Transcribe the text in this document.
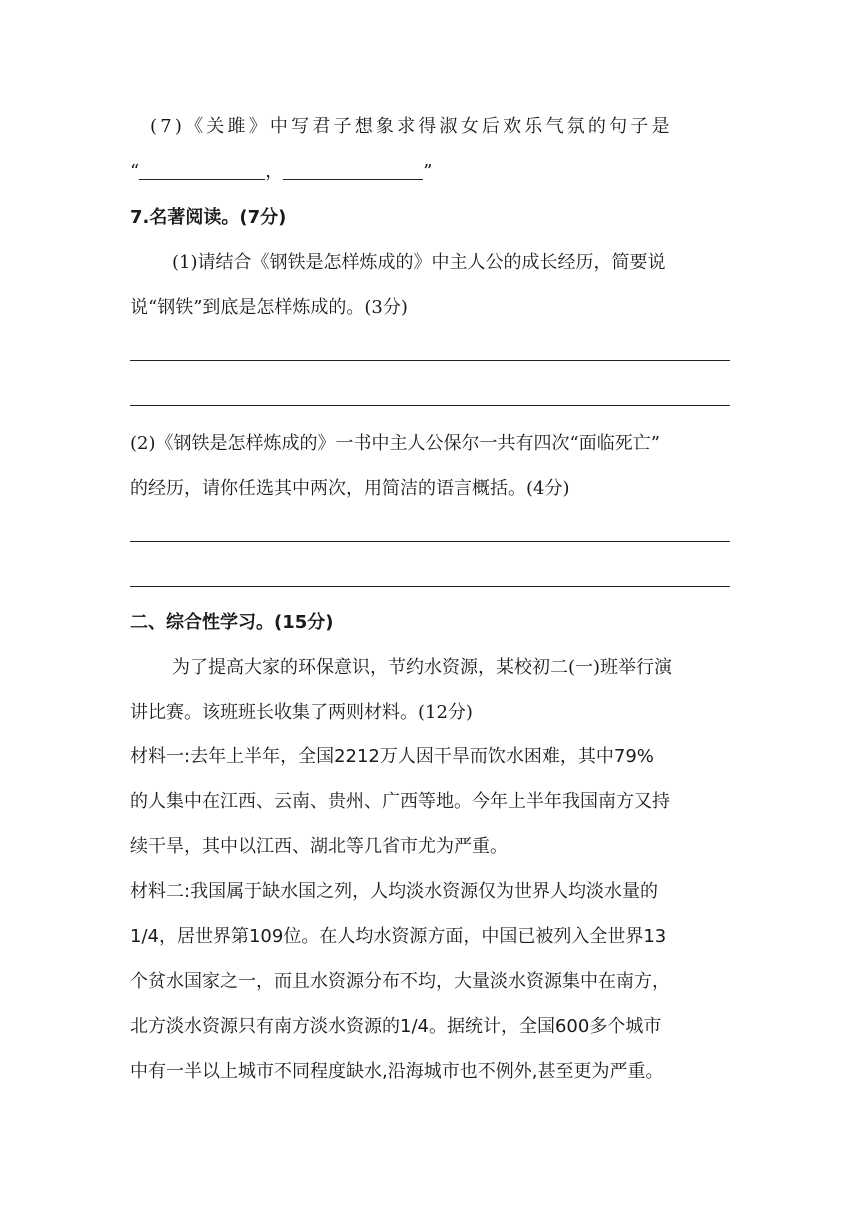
(7)《关雎》中写君子想象求得淑女后欢乐气氛的句子是
“	，	”
7.名著阅读。(7分)
(1)请结合《钢铁是怎样炼成的》中主人公的成长经历，简要说
说“钢铁”到底是怎样炼成的。(3分)
(2)《钢铁是怎样炼成的》一书中主人公保尔一共有四次“面临死亡”
的经历，请你任选其中两次，用简洁的语言概括。(4分)
二、综合性学习。(15分)
为了提高大家的环保意识，节约水资源，某校初二(一)班举行演
讲比赛。该班班长收集了两则材料。(12分)
材料一:去年上半年，全国2212万人因干旱而饮水困难，其中79%
的人集中在江西、云南、贵州、广西等地。今年上半年我国南方又持
续干旱，其中以江西、湖北等几省市尤为严重。
材料二:我国属于缺水国之列，人均淡水资源仅为世界人均淡水量的
1/4，居世界第109位。在人均水资源方面，中国已被列入全世界13
个贫水国家之一，而且水资源分布不均，大量淡水资源集中在南方，
北方淡水资源只有南方淡水资源的1/4。据统计，全国600多个城市
中有一半以上城市不同程度缺水,沿海城市也不例外,甚至更为严重。
